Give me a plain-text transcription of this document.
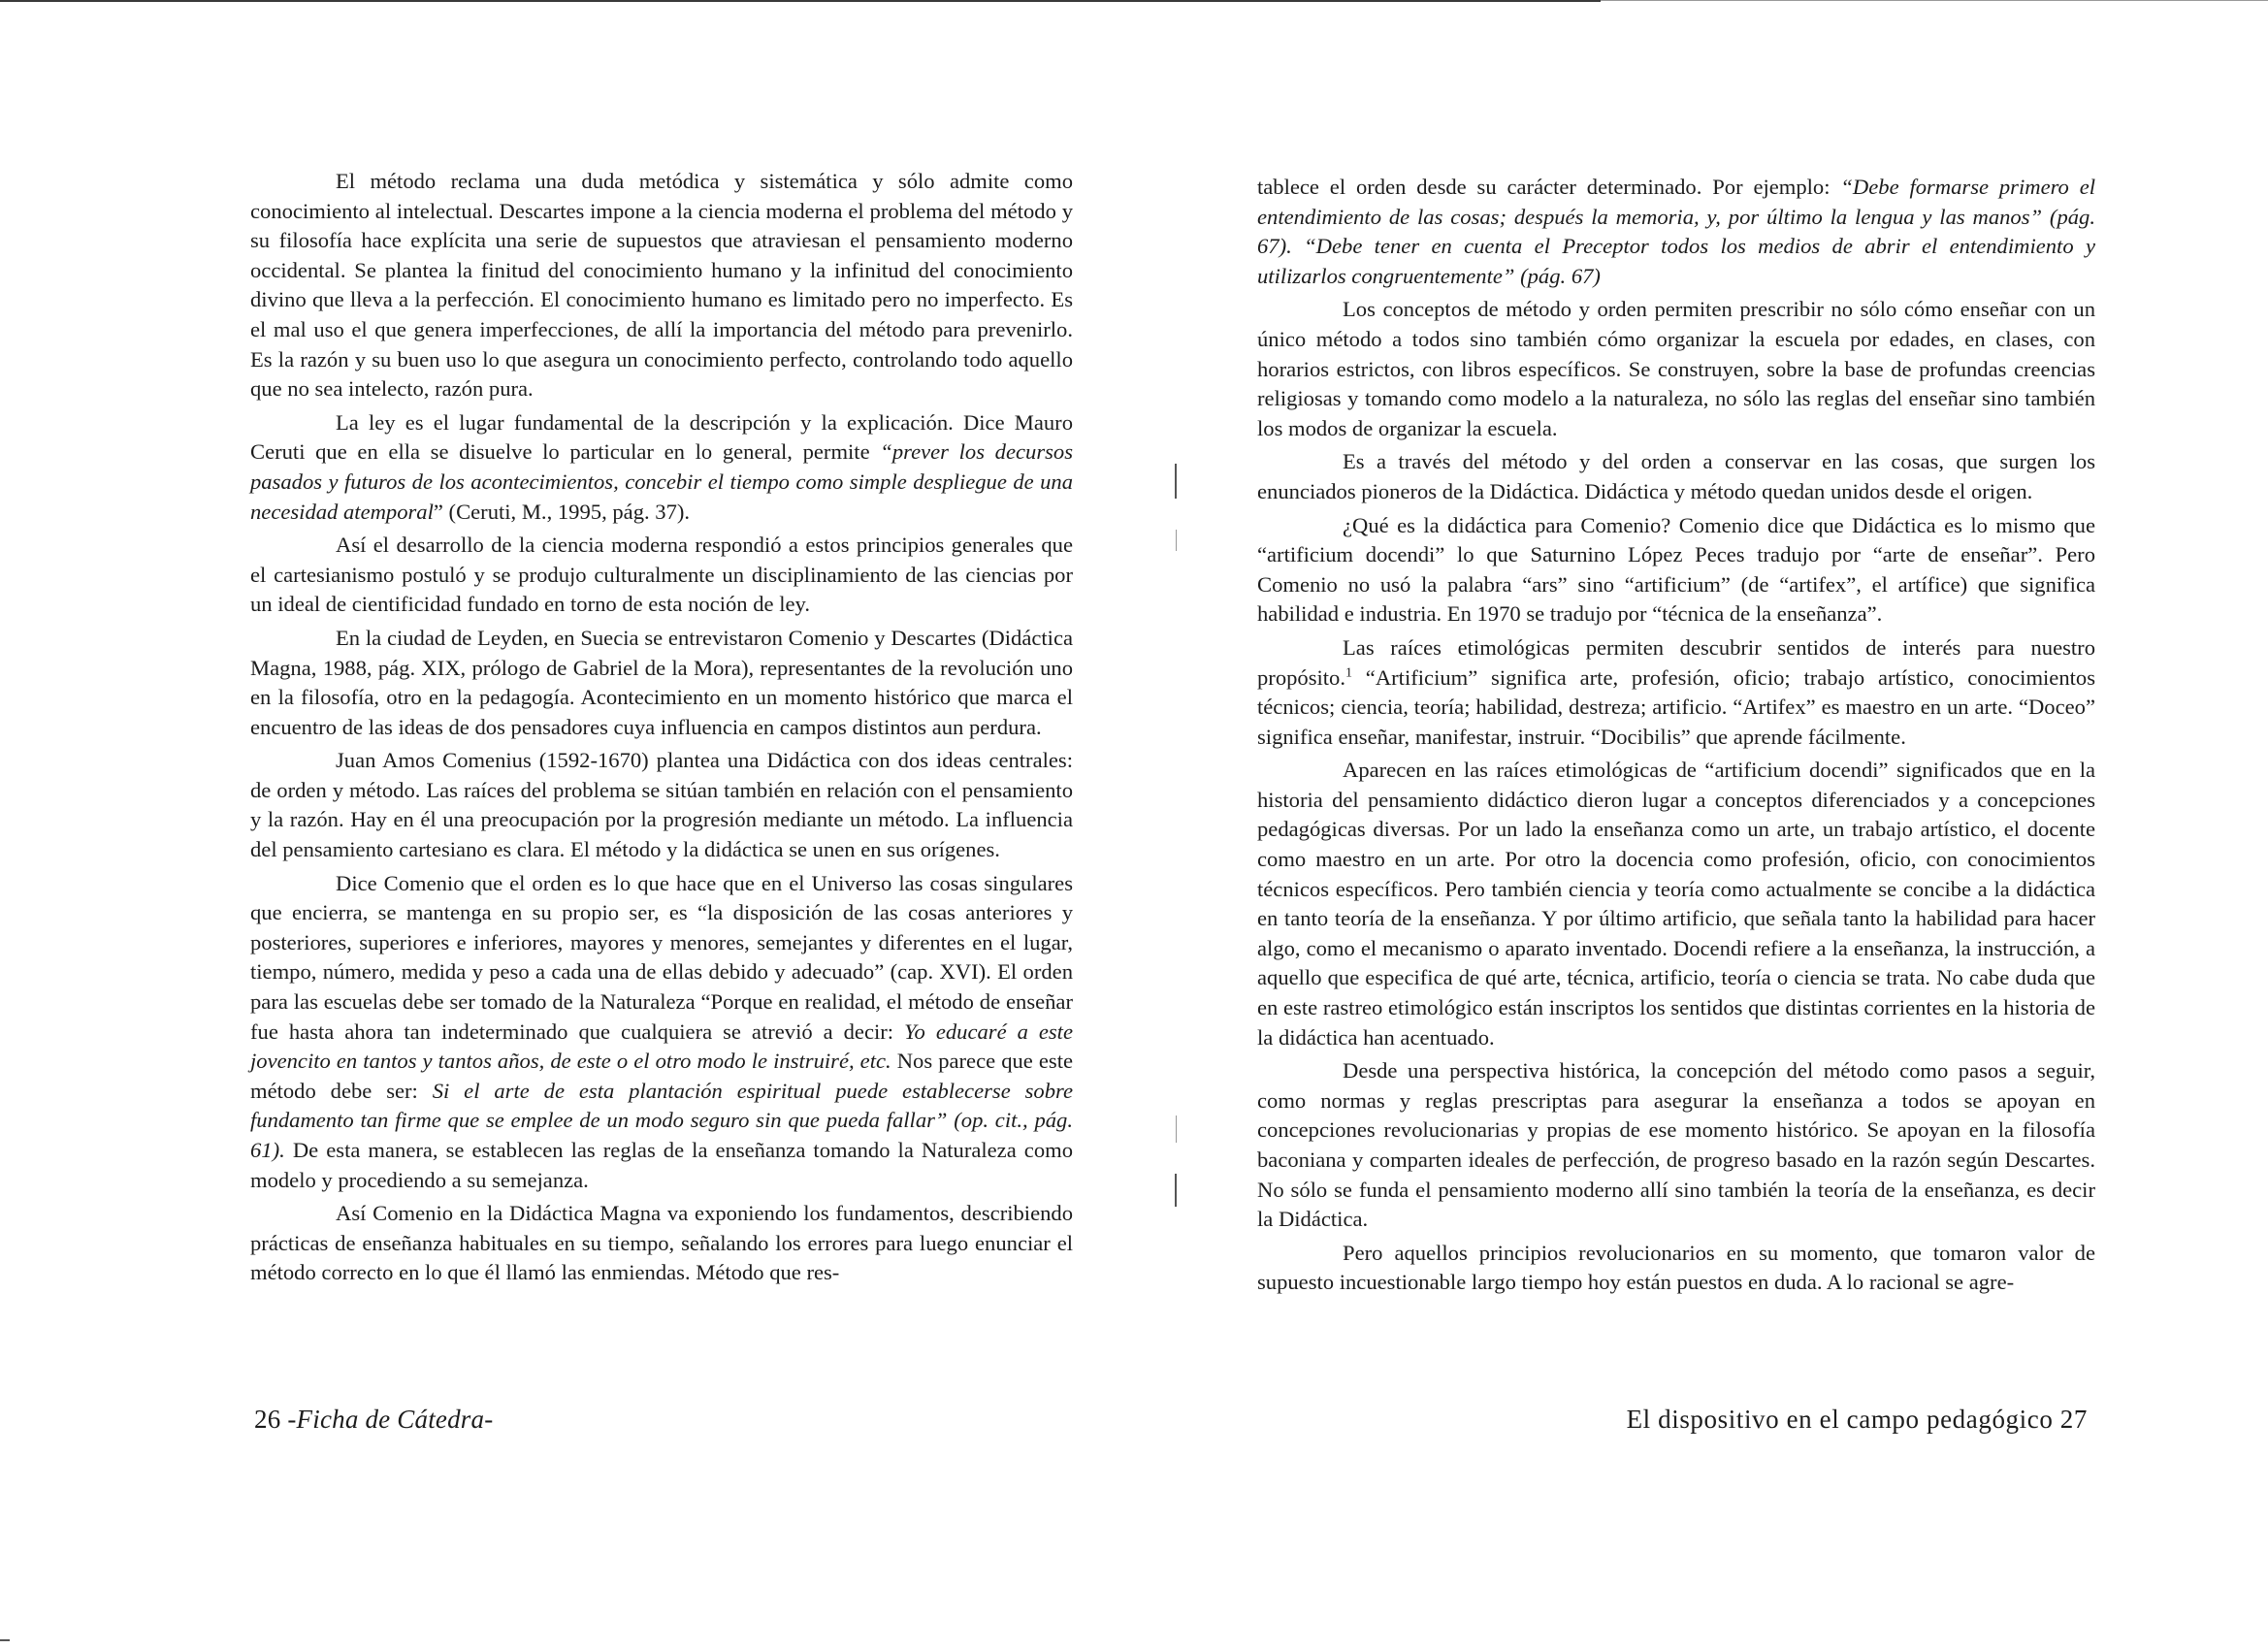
El método reclama una duda metódica y sistemática y sólo admite como conocimiento al intelectual. Descartes impone a la ciencia moderna el problema del método y su filosofía hace explícita una serie de supuestos que atraviesan el pensamiento moderno occidental. Se plantea la finitud del conocimiento humano y la infinitud del conocimiento divino que lleva a la perfección. El conocimiento humano es limitado pero no imperfecto. Es el mal uso el que genera imperfecciones, de allí la importancia del método para prevenirlo. Es la razón y su buen uso lo que asegura un conocimiento perfecto, controlando todo aquello que no sea intelecto, razón pura.

La ley es el lugar fundamental de la descripción y la explicación. Dice Mauro Ceruti que en ella se disuelve lo particular en lo general, permite “prever los decursos pasados y futuros de los acontecimientos, concebir el tiempo como simple despliegue de una necesidad atemporal” (Ceruti, M., 1995, pág. 37).

Así el desarrollo de la ciencia moderna respondió a estos principios generales que el cartesianismo postuló y se produjo culturalmente un disciplinamiento de las ciencias por un ideal de cientificidad fundado en torno de esta noción de ley.

En la ciudad de Leyden, en Suecia se entrevistaron Comenio y Descartes (Didáctica Magna, 1988, pág. XIX, prólogo de Gabriel de la Mora), representantes de la revolución uno en la filosofía, otro en la pedagogía. Acontecimiento en un momento histórico que marca el encuentro de las ideas de dos pensadores cuya influencia en campos distintos aun perdura.

Juan Amos Comenius (1592-1670) plantea una Didáctica con dos ideas centrales: de orden y método. Las raíces del problema se sitúan también en relación con el pensamiento y la razón. Hay en él una preocupación por la progresión mediante un método. La influencia del pensamiento cartesiano es clara. El método y la didáctica se unen en sus orígenes.

Dice Comenio que el orden es lo que hace que en el Universo las cosas singulares que encierra, se mantenga en su propio ser, es “la disposición de las cosas anteriores y posteriores, superiores e inferiores, mayores y menores, semejantes y diferentes en el lugar, tiempo, número, medida y peso a cada una de ellas debido y adecuado” (cap. XVI). El orden para las escuelas debe ser tomado de la Naturaleza “Porque en realidad, el método de enseñar fue hasta ahora tan indeterminado que cualquiera se atrevió a decir: Yo educaré a este jovencito en tantos y tantos años, de este o el otro modo le instruiré, etc. Nos parece que este método debe ser: Si el arte de esta plantación espiritual puede establecerse sobre fundamento tan firme que se emplee de un modo seguro sin que pueda fallar” (op. cit., pág. 61). De esta manera, se establecen las reglas de la enseñanza tomando la Naturaleza como modelo y procediendo a su semejanza.

Así Comenio en la Didáctica Magna va exponiendo los fundamentos, describiendo prácticas de enseñanza habituales en su tiempo, señalando los errores para luego enunciar el método correcto en lo que él llamó las enmiendas. Método que res-

tablece el orden desde su carácter determinado. Por ejemplo: “Debe formarse primero el entendimiento de las cosas; después la memoria, y, por último la lengua y las manos” (pág. 67). “Debe tener en cuenta el Preceptor todos los medios de abrir el entendimiento y utilizarlos congruentemente” (pág. 67)

Los conceptos de método y orden permiten prescribir no sólo cómo enseñar con un único método a todos sino también cómo organizar la escuela por edades, en clases, con horarios estrictos, con libros específicos. Se construyen, sobre la base de profundas creencias religiosas y tomando como modelo a la naturaleza, no sólo las reglas del enseñar sino también los modos de organizar la escuela.

Es a través del método y del orden a conservar en las cosas, que surgen los enunciados pioneros de la Didáctica. Didáctica y método quedan unidos desde el origen.

¿Qué es la didáctica para Comenio? Comenio dice que Didáctica es lo mismo que “artificium docendi” lo que Saturnino López Peces tradujo por “arte de enseñar”. Pero Comenio no usó la palabra “ars” sino “artificium” (de “artifex”, el artífice) que significa habilidad e industria. En 1970 se tradujo por “técnica de la enseñanza”.

Las raíces etimológicas permiten descubrir sentidos de interés para nuestro propósito.$^1$ “Artificium” significa arte, profesión, oficio; trabajo artístico, conocimientos técnicos; ciencia, teoría; habilidad, destreza; artificio. “Artifex” es maestro en un arte. “Doceo” significa enseñar, manifestar, instruir. “Docibilis” que aprende fácilmente.

Aparecen en las raíces etimológicas de “artificium docendi” significados que en la historia del pensamiento didáctico dieron lugar a conceptos diferenciados y a concepciones pedagógicas diversas. Por un lado la enseñanza como un arte, un trabajo artístico, el docente como maestro en un arte. Por otro la docencia como profesión, oficio, con conocimientos técnicos específicos. Pero también ciencia y teoría como actualmente se concibe a la didáctica en tanto teoría de la enseñanza. Y por último artificio, que señala tanto la habilidad para hacer algo, como el mecanismo o aparato inventado. Docendi refiere a la enseñanza, la instrucción, a aquello que especifica de qué arte, técnica, artificio, teoría o ciencia se trata. No cabe duda que en este rastreo etimológico están inscriptos los sentidos que distintas corrientes en la historia de la didáctica han acentuado.

Desde una perspectiva histórica, la concepción del método como pasos a seguir, como normas y reglas prescriptas para asegurar la enseñanza a todos se apoyan en concepciones revolucionarias y propias de ese momento histórico. Se apoyan en la filosofía baconiana y comparten ideales de perfección, de progreso basado en la razón según Descartes. No sólo se funda el pensamiento moderno allí sino también la teoría de la enseñanza, es decir la Didáctica.

Pero aquellos principios revolucionarios en su momento, que tomaron valor de supuesto incuestionable largo tiempo hoy están puestos en duda. A lo racional se agre-

26 -Ficha de Cátedra-	El dispositivo en el campo pedagógico 27
